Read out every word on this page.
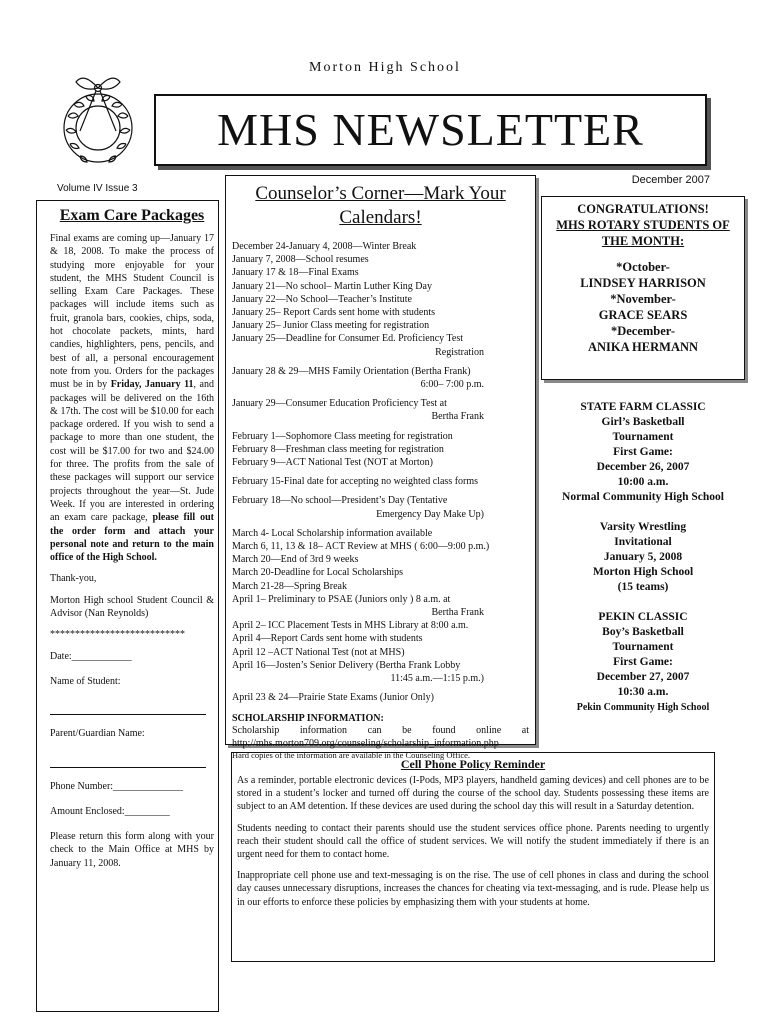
Morton High School
MHS NEWSLETTER
December 2007
Volume IV Issue 3
Exam Care Packages

Final exams are coming up—January 17 & 18, 2008. To make the process of studying more enjoyable for your student, the MHS Student Council is selling Exam Care Packages. These packages will include items such as fruit, granola bars, cookies, chips, soda, hot chocolate packets, mints, hard candies, highlighters, pens, pencils, and best of all, a personal encouragement note from you. Orders for the packages must be in by Friday, January 11, and packages will be delivered on the 16th & 17th. The cost will be $10.00 for each package ordered. If you wish to send a package to more than one student, the cost will be $17.00 for two and $24.00 for three. The profits from the sale of these packages will support our service projects throughout the year—St. Jude Week. If you are interested in ordering an exam care package, please fill out the order form and attach your personal note and return to the main office of the High School.

Thank-you,

Morton High school Student Council & Advisor (Nan Reynolds)

***************************

Date:____________
Name of Student:
Parent/Guardian Name:
Phone Number:______________
Amount Enclosed:_________

Please return this form along with your check to the Main Office at MHS by January 11, 2008.

Counselor’s Corner—Mark Your Calendars!
December 24-January 4, 2008—Winter Break
January 7, 2008—School resumes
January 17 & 18—Final Exams
January 21—No school– Martin Luther King Day
January 22—No School—Teacher’s Institute
January 25– Report Cards sent home with students
January 25– Junior Class meeting for registration
January 25—Deadline for Consumer Ed. Proficiency Test
Registration
January 28 & 29—MHS Family Orientation (Bertha Frank)
6:00– 7:00 p.m.
January 29—Consumer Education Proficiency Test at
Bertha Frank
February 1—Sophomore Class meeting for registration
February 8—Freshman class meeting for registration
February 9—ACT National Test (NOT at Morton)
February 15-Final date for accepting no weighted class forms
February 18—No school—President’s Day (Tentative
Emergency Day Make Up)
March 4- Local Scholarship information available
March 6, 11, 13 & 18– ACT Review at MHS ( 6:00—9:00 p.m.)
March 20—End of 3rd 9 weeks
March 20-Deadline for Local Scholarships
March 21-28—Spring Break
April 1– Preliminary to PSAE (Juniors only ) 8 a.m. at
Bertha Frank
April 2– ICC Placement Tests in MHS Library at 8:00 a.m.
April 4—Report Cards sent home with students
April 12 –ACT National Test (not at MHS)
April 16—Josten’s Senior Delivery (Bertha Frank Lobby
11:45 a.m.—1:15 p.m.)
April 23 & 24—Prairie State Exams (Junior Only)
SCHOLARSHIP INFORMATION:
Scholarship information can be found online at http://mhs.morton709.org/counseling/scholarship_information.php
Hard copies of the information are available in the Counseling Office.
CONGRATULATIONS!
MHS ROTARY STUDENTS OF THE MONTH:
*October-
LINDSEY HARRISON
*November-
GRACE SEARS
*December-
ANIKA HERMANN
STATE FARM CLASSIC
Girl’s Basketball
Tournament
First Game:
December 26, 2007
10:00 a.m.
Normal Community High School
Varsity Wrestling
Invitational
January 5, 2008
Morton High School
(15 teams)
PEKIN CLASSIC
Boy’s Basketball
Tournament
First Game:
December 27, 2007
10:30 a.m.
Pekin Community High School
Cell Phone Policy Reminder

As a reminder, portable electronic devices (I-Pods, MP3 players, handheld gaming devices) and cell phones are to be stored in a student’s locker and turned off during the course of the school day. Students possessing these items are subject to an AM detention. If these devices are used during the school day this will result in a Saturday detention.

Students needing to contact their parents should use the student services office phone. Parents needing to urgently reach their student should call the office of student services. We will notify the student immediately if there is an urgent need for them to contact home.

Inappropriate cell phone use and text-messaging is on the rise. The use of cell phones in class and during the school day causes unnecessary disruptions, increases the chances for cheating via text-messaging, and is rude. Please help us in our efforts to enforce these policies by emphasizing them with your students at home.
